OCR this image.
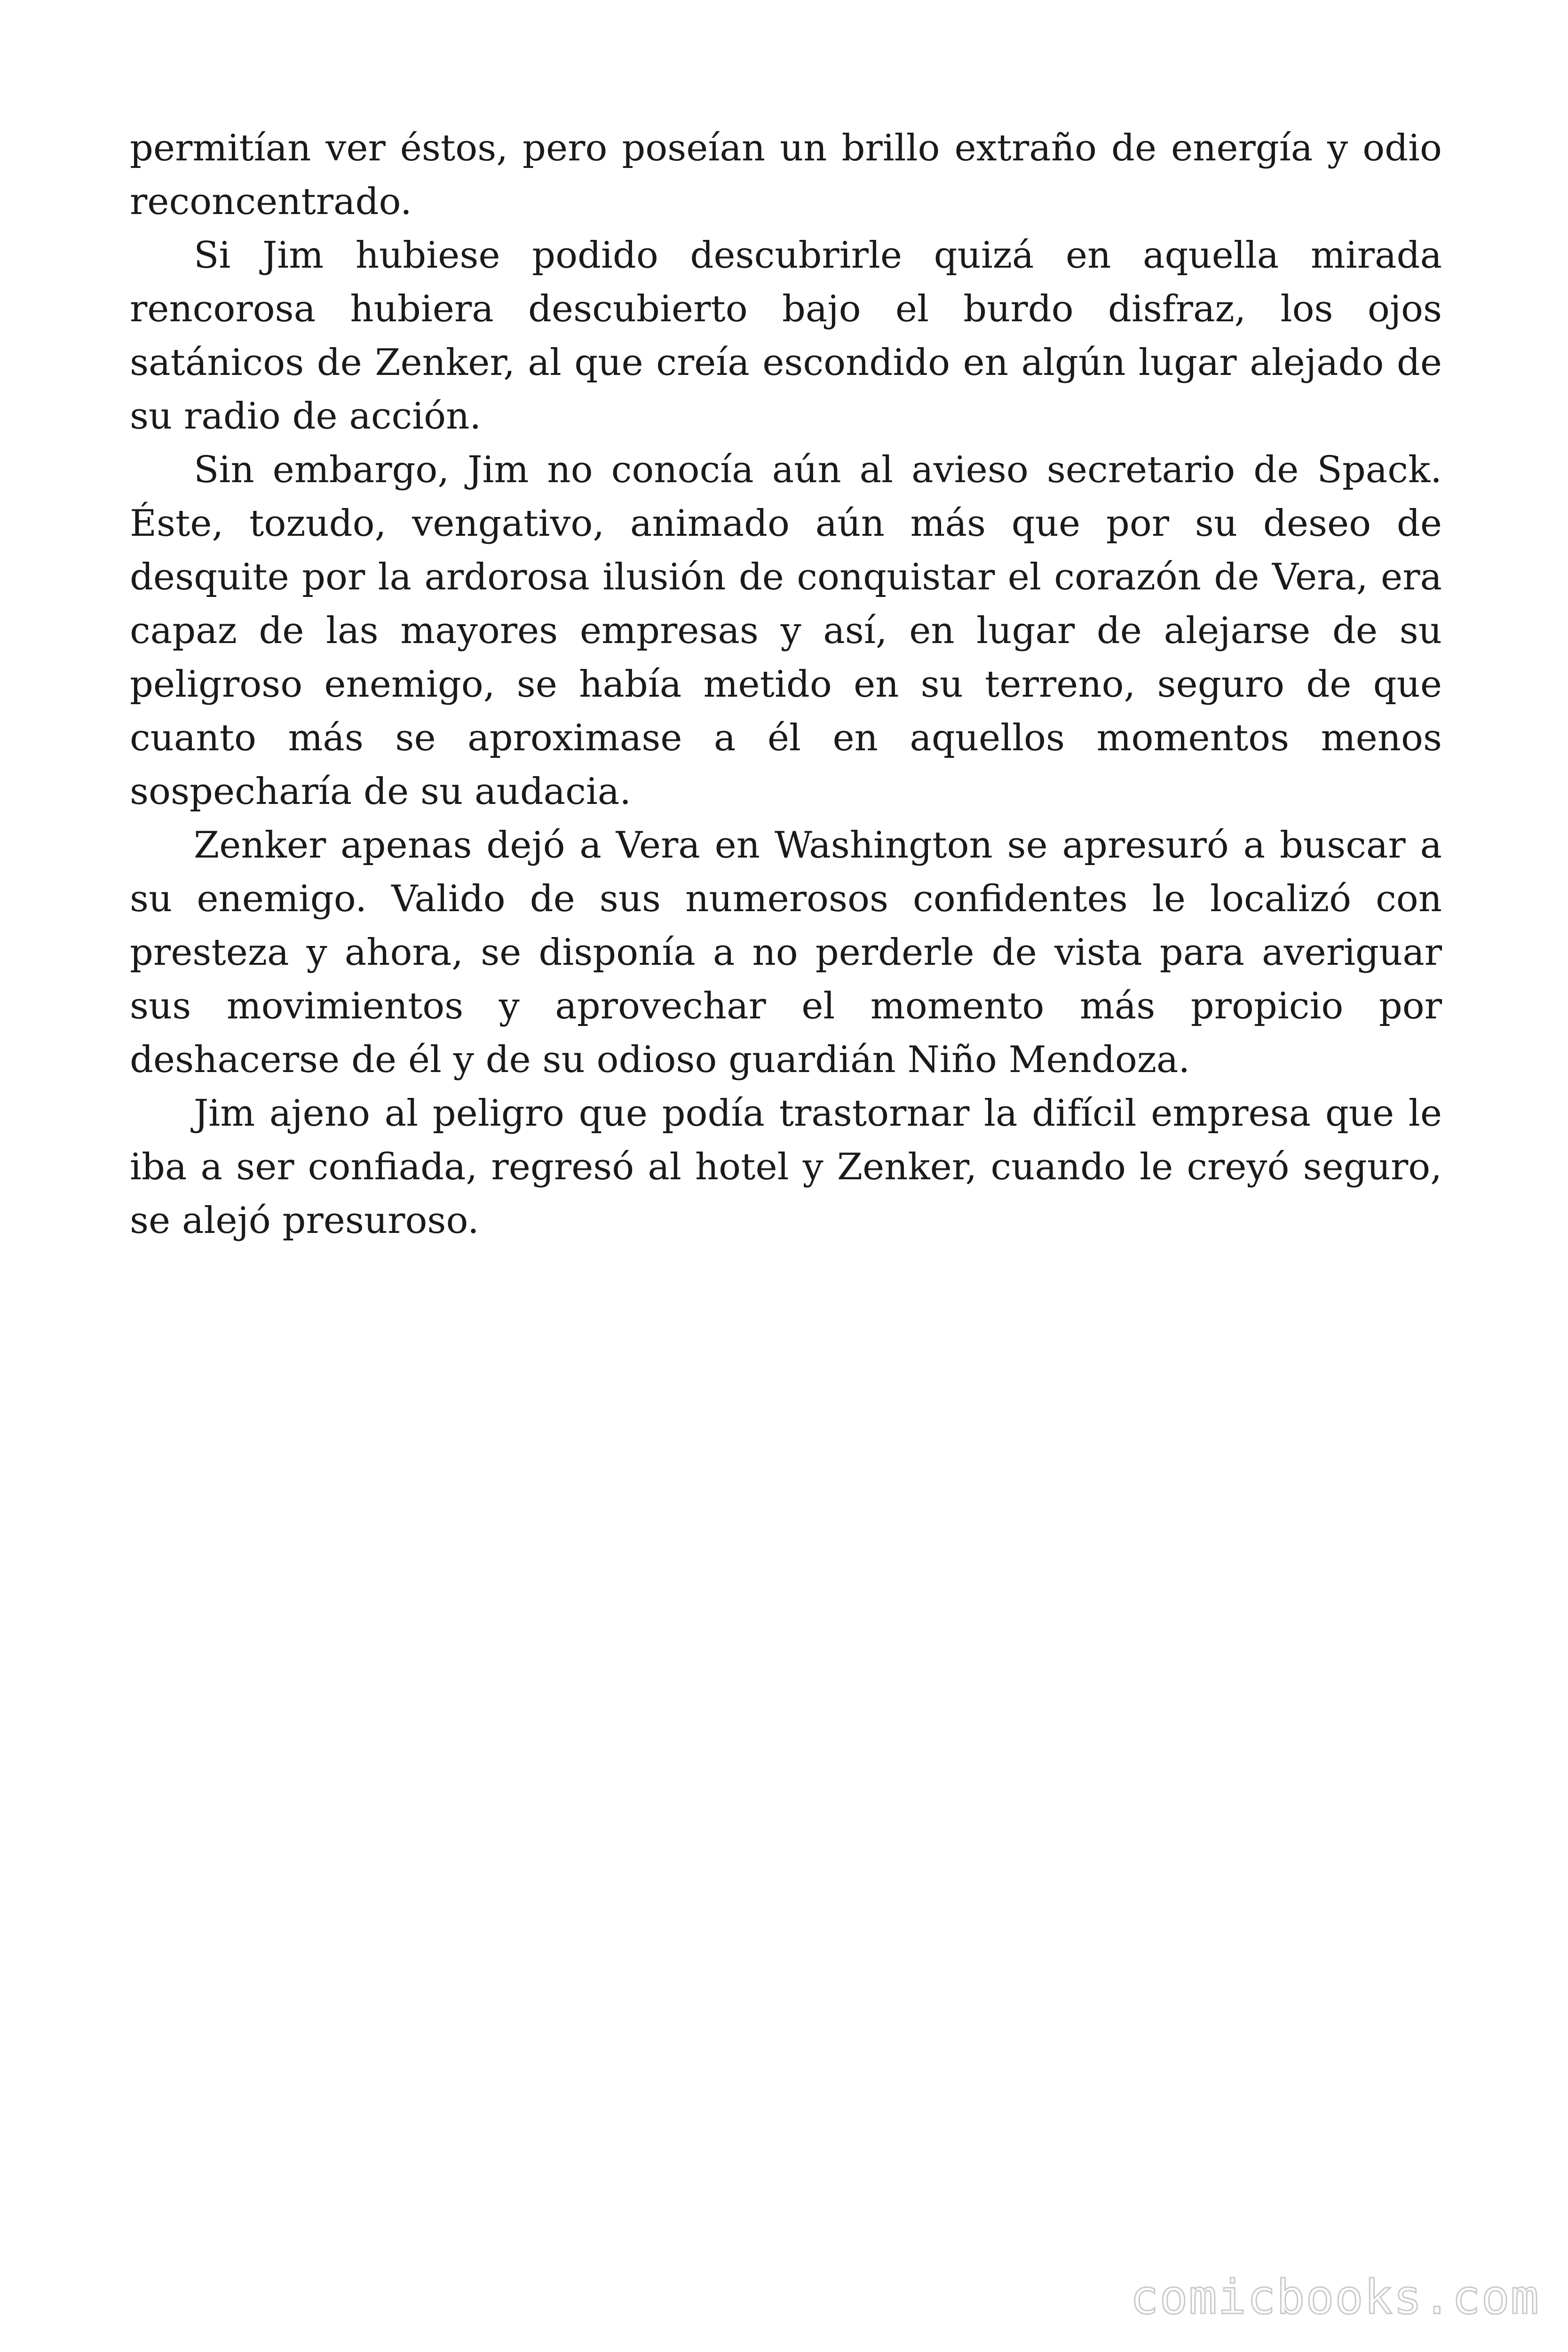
permitían ver éstos, pero poseían un brillo extraño de energía y odio reconcentrado.

Si Jim hubiese podido descubrirle quizá en aquella mirada rencorosa hubiera descubierto bajo el burdo disfraz, los ojos satánicos de Zenker, al que creía escondido en algún lugar alejado de su radio de acción.

Sin embargo, Jim no conocía aún al avieso secretario de Spack. Éste, tozudo, vengativo, animado aún más que por su deseo de desquite por la ardorosa ilusión de conquistar el corazón de Vera, era capaz de las mayores empresas y así, en lugar de alejarse de su peligroso enemigo, se había metido en su terreno, seguro de que cuanto más se aproximase a él en aquellos momentos menos sospecharía de su audacia.

Zenker apenas dejó a Vera en Washington se apresuró a buscar a su enemigo. Valido de sus numerosos confidentes le localizó con presteza y ahora, se disponía a no perderle de vista para averiguar sus movimientos y aprovechar el momento más propicio por deshacerse de él y de su odioso guardián Niño Mendoza.

Jim ajeno al peligro que podía trastornar la difícil empresa que le iba a ser confiada, regresó al hotel y Zenker, cuando le creyó seguro, se alejó presuroso.

comicbooks.com
